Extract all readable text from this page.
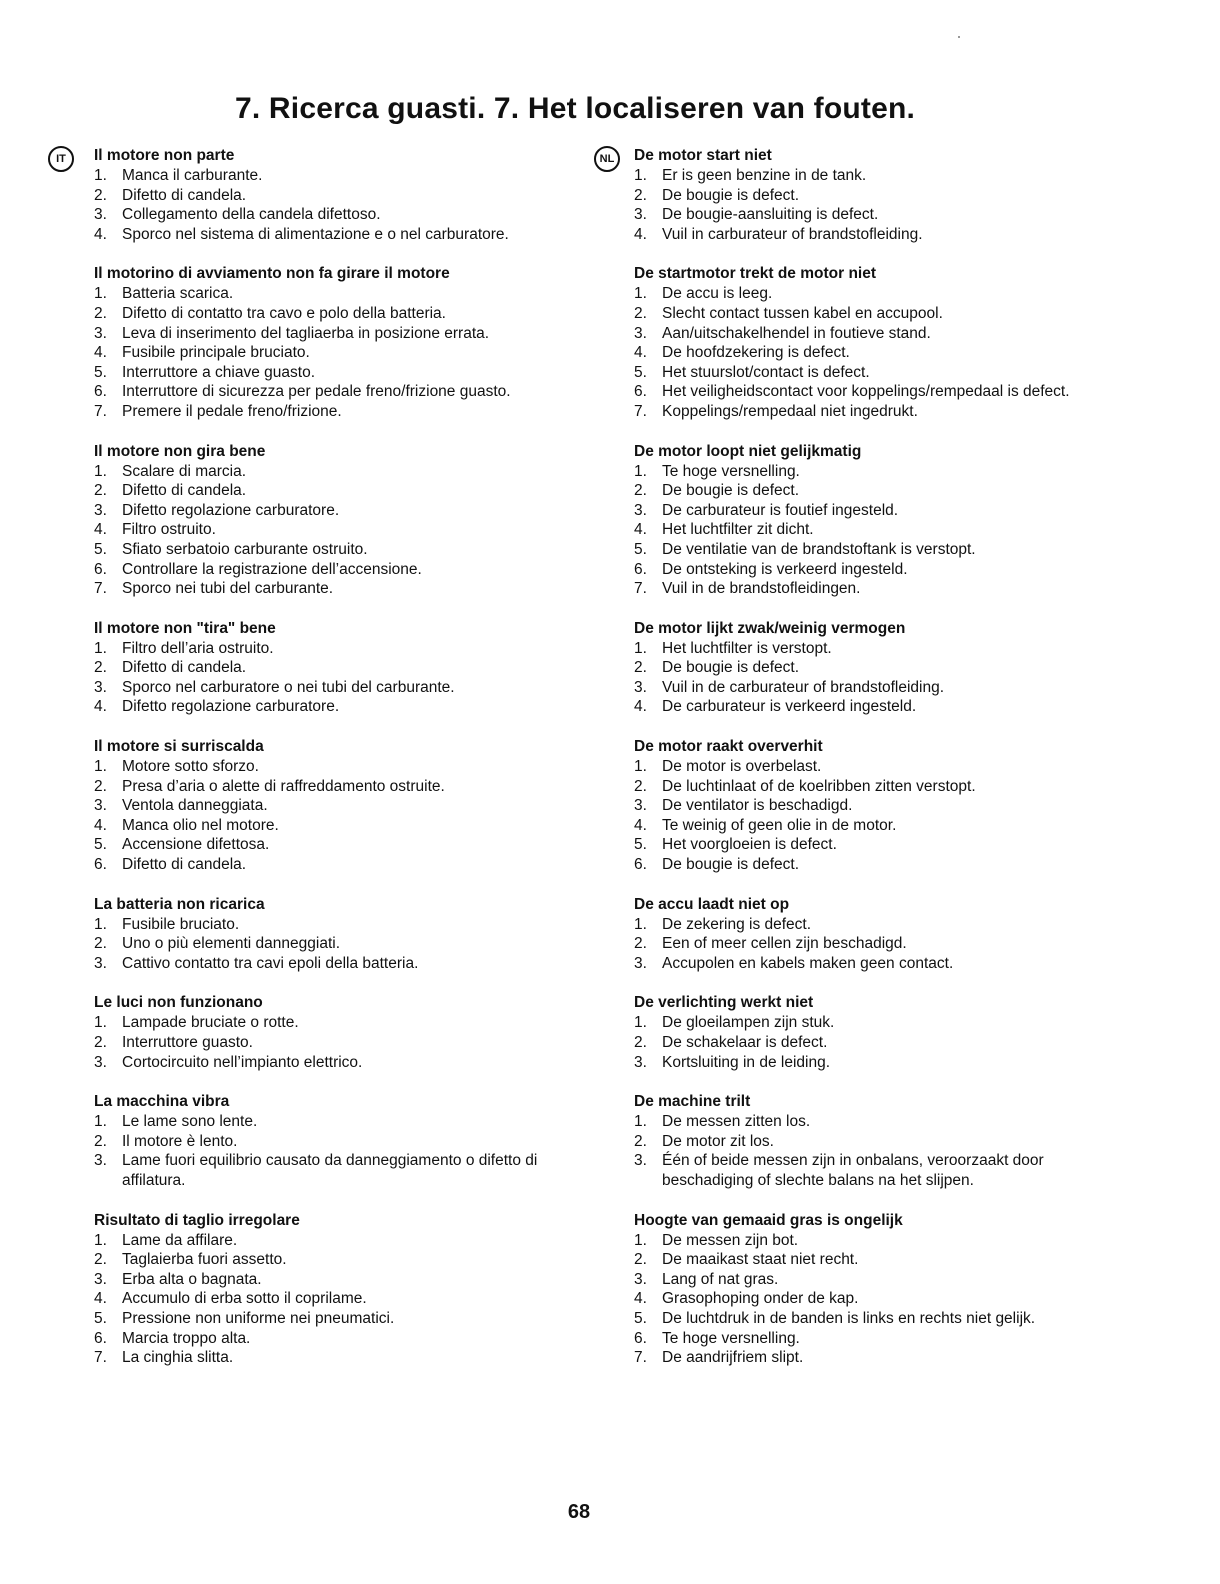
7. Ricerca guasti. 7. Het localiseren van fouten.
IT	Il motore non parte
1. Manca il carburante.
2. Difetto di candela.
3. Collegamento della candela difettoso.
4. Sporco nel sistema di alimentazione e o nel carburatore.
Il motorino di avviamento non fa girare il motore
1. Batteria scarica.
2. Difetto di contatto tra cavo e polo della batteria.
3. Leva di inserimento del tagliaerba in posizione errata.
4. Fusibile principale bruciato.
5. Interruttore a chiave guasto.
6. Interruttore di sicurezza per pedale freno/frizione guasto.
7. Premere il pedale freno/frizione.
Il motore non gira bene
1. Scalare di marcia.
2. Difetto di candela.
3. Difetto regolazione carburatore.
4. Filtro ostruito.
5. Sfiato serbatoio carburante ostruito.
6. Controllare la registrazione dell’accensione.
7. Sporco nei tubi del carburante.
Il motore non "tira" bene
1. Filtro dell’aria ostruito.
2. Difetto di candela.
3. Sporco nel carburatore o nei tubi del carburante.
4. Difetto regolazione carburatore.
Il motore si surriscalda
1. Motore sotto sforzo.
2. Presa d’aria o alette di raffreddamento ostruite.
3. Ventola danneggiata.
4. Manca olio nel motore.
5. Accensione difettosa.
6. Difetto di candela.
La batteria non ricarica
1. Fusibile bruciato.
2. Uno o più elementi danneggiati.
3. Cattivo contatto tra cavi epoli della batteria.
Le luci non funzionano
1. Lampade bruciate o rotte.
2. Interruttore guasto.
3. Cortocircuito nell’impianto elettrico.
La macchina vibra
1. Le lame sono lente.
2. Il motore è lento.
3. Lame fuori equilibrio causato da danneggiamento o difetto di affilatura.
Risultato di taglio irregolare
1. Lame da affilare.
2. Taglaierba fuori assetto.
3. Erba alta o bagnata.
4. Accumulo di erba sotto il coprilame.
5. Pressione non uniforme nei pneumatici.
6. Marcia troppo alta.
7. La cinghia slitta.
NL	De motor start niet
1. Er is geen benzine in de tank.
2. De bougie is defect.
3. De bougie-aansluiting is defect.
4. Vuil in carburateur of brandstofleiding.
De startmotor trekt de motor niet
1. De accu is leeg.
2. Slecht contact tussen kabel en accupool.
3. Aan/uitschakelhendel in foutieve stand.
4. De hoofdzekering is defect.
5. Het stuurslot/contact is defect.
6. Het veiligheidscontact voor koppelings/rempedaal is defect.
7. Koppelings/rempedaal niet ingedrukt.
De motor loopt niet gelijkmatig
1. Te hoge versnelling.
2. De bougie is defect.
3. De carburateur is foutief ingesteld.
4. Het luchtfilter zit dicht.
5. De ventilatie van de brandstoftank is verstopt.
6. De ontsteking is verkeerd ingesteld.
7. Vuil in de brandstofleidingen.
De motor lijkt zwak/weinig vermogen
1. Het luchtfilter is verstopt.
2. De bougie is defect.
3. Vuil in de carburateur of brandstofleiding.
4. De carburateur is verkeerd ingesteld.
De motor raakt oververhit
1. De motor is overbelast.
2. De luchtinlaat of de koelribben zitten verstopt.
3. De ventilator is beschadigd.
4. Te weinig of geen olie in de motor.
5. Het voorgloeien is defect.
6. De bougie is defect.
De accu laadt niet op
1. De zekering is defect.
2. Een of meer cellen zijn beschadigd.
3. Accupolen en kabels maken geen contact.
De verlichting werkt niet
1. De gloeilampen zijn stuk.
2. De schakelaar is defect.
3. Kortsluiting in de leiding.
De machine trilt
1. De messen zitten los.
2. De motor zit los.
3. Één of beide messen zijn in onbalans, veroorzaakt door beschadiging of slechte balans na het slijpen.
Hoogte van gemaaid gras is ongelijk
1. De messen zijn bot.
2. De maaikast staat niet recht.
3. Lang of nat gras.
4. Grasophoping onder de kap.
5. De luchtdruk in de banden is links en rechts niet gelijk.
6. Te hoge versnelling.
7. De aandrijfriem slipt.
68
